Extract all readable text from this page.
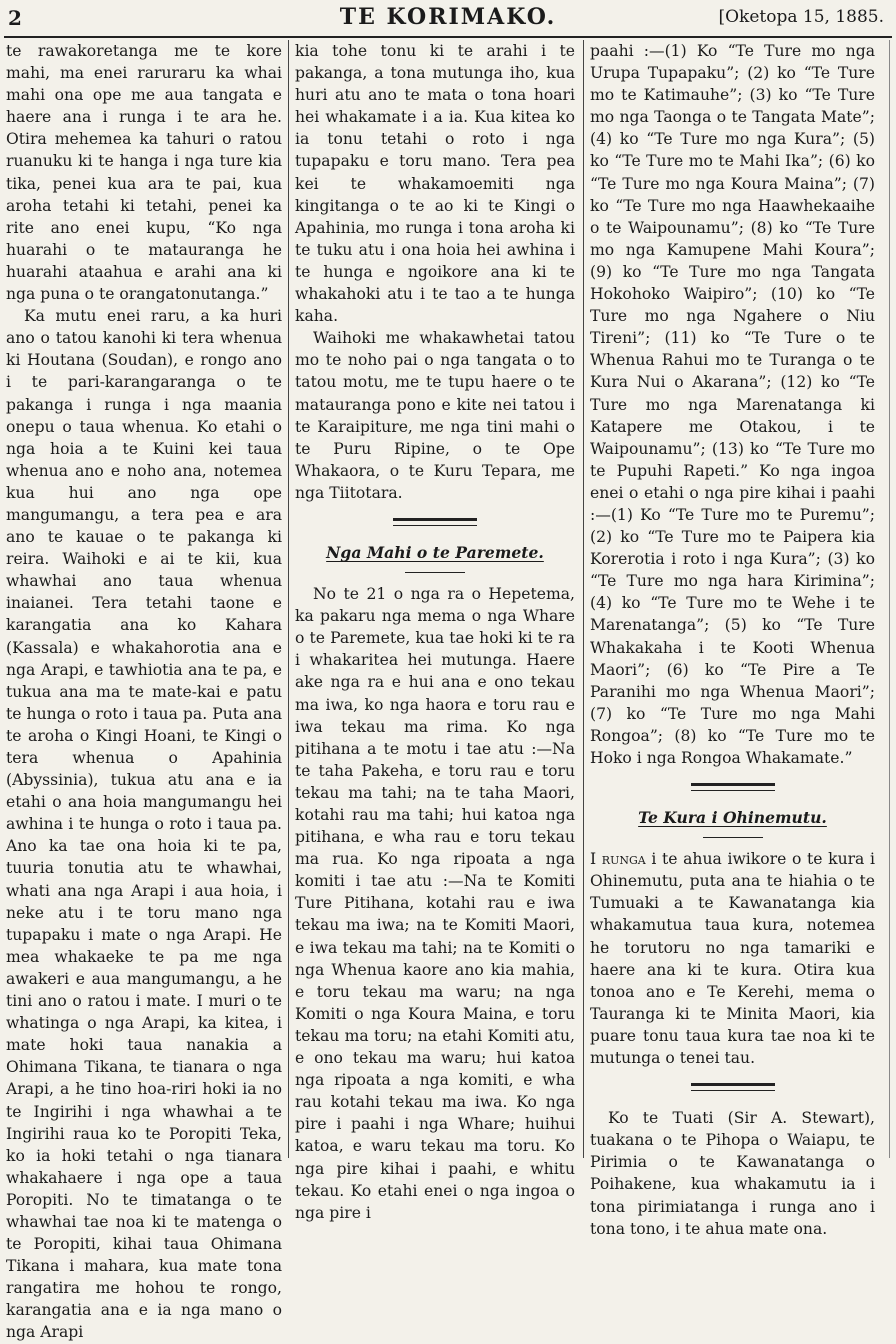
2	TE KORIMAKO.	[Oketopa 15, 1885.

te rawakoretanga me te kore mahi, ma enei raruraru ka whai mahi ona ope me aua tangata e haere ana i runga i te ara he. Otira mehemea ka tahuri o ratou ruanuku ki te hanga i nga ture kia tika, penei kua ara te pai, kua aroha tetahi ki tetahi, penei ka rite ano enei kupu, “Ko nga huarahi o te matauranga he huarahi ataahua e arahi ana ki nga puna o te orangatonutanga.”

Ka mutu enei raru, a ka huri ano o tatou kanohi ki tera whenua ki Houtana (Soudan), e rongo ano i te pari-karangaranga o te pakanga i runga i nga maania onepu o taua whenua. Ko etahi o nga hoia a te Kuini kei taua whenua ano e noho ana, notemea kua hui ano nga ope mangumangu, a tera pea e ara ano te kauae o te pakanga ki reira. Waihoki e ai te kii, kua whawhai ano taua whenua inaianei. Tera tetahi taone e karangatia ana ko Kahara (Kassala) e whakahorotia ana e nga Arapi, e tawhiotia ana te pa, e tukua ana ma te mate-kai e patu te hunga o roto i taua pa. Puta ana te aroha o Kingi Hoani, te Kingi o tera whenua o Apahinia (Abyssinia), tukua atu ana e ia etahi o ana hoia mangumangu hei awhina i te hunga o roto i taua pa. Ano ka tae ona hoia ki te pa, tuuria tonutia atu te whawhai, whati ana nga Arapi i aua hoia, i neke atu i te toru mano nga tupapaku i mate o nga Arapi. He mea whakaeke te pa me nga awakeri e aua mangumangu, a he tini ano o ratou i mate. I muri o te whatinga o nga Arapi, ka kitea, i mate hoki taua nanakia a Ohimana Tikana, te tianara o nga Arapi, a he tino hoa-riri hoki ia no te Ingirihi i nga whawhai a te Ingirihi raua ko te Poropiti Teka, ko ia hoki tetahi o nga tianara whakahaere i nga ope a taua Poropiti. No te timatanga o te whawhai tae noa ki te matenga o te Poropiti, kihai taua Ohimana Tikana i mahara, kua mate tona rangatira me hohou te rongo, karangatia ana e ia nga mano o nga Arapi

kia tohe tonu ki te arahi i te pakanga, a tona mutunga iho, kua huri atu ano te mata o tona hoari hei whakamate i a ia. Kua kitea ko ia tonu tetahi o roto i nga tupapaku e toru mano. Tera pea kei te whakamoemiti nga kingitanga o te ao ki te Kingi o Apahinia, mo runga i tona aroha ki te tuku atu i ona hoia hei awhina i te hunga e ngoikore ana ki te whakahoki atu i te tao a te hunga kaha.

Waihoki me whakawhetai tatou mo te noho pai o nga tangata o to tatou motu, me te tupu haere o te matauranga pono e kite nei tatou i te Karaipiture, me nga tini mahi o te Puru Ripine, o te Ope Whakaora, o te Kuru Tepara, me nga Tiitotara.

Nga Mahi o te Paremete.

No te 21 o nga ra o Hepetema, ka pakaru nga mema o nga Whare o te Paremete, kua tae hoki ki te ra i whakaritea hei mutunga. Haere ake nga ra e hui ana e ono tekau ma iwa, ko nga haora e toru rau e iwa tekau ma rima. Ko nga pitihana a te motu i tae atu :—Na te taha Pakeha, e toru rau e toru tekau ma tahi; na te taha Maori, kotahi rau ma tahi; hui katoa nga pitihana, e wha rau e toru tekau ma rua. Ko nga ripoata a nga komiti i tae atu :—Na te Komiti Ture Pitihana, kotahi rau e iwa tekau ma iwa; na te Komiti Maori, e iwa tekau ma tahi; na te Komiti o nga Whenua kaore ano kia mahia, e toru tekau ma waru; na nga Komiti o nga Koura Maina, e toru tekau ma toru; na etahi Komiti atu, e ono tekau ma waru; hui katoa nga ripoata a nga komiti, e wha rau kotahi tekau ma iwa. Ko nga pire i paahi i nga Whare; huihui katoa, e waru tekau ma toru. Ko nga pire kihai i paahi, e whitu tekau. Ko etahi enei o nga ingoa o nga pire i

paahi :—(1) Ko “Te Ture mo nga Urupa Tupapaku”; (2) ko “Te Ture mo te Katimauhe”; (3) ko “Te Ture mo nga Taonga o te Tangata Mate”; (4) ko “Te Ture mo nga Kura”; (5) ko “Te Ture mo te Mahi Ika”; (6) ko “Te Ture mo nga Koura Maina”; (7) ko “Te Ture mo nga Haawhekaaihe o te Waipounamu”; (8) ko “Te Ture mo nga Kamupene Mahi Koura”; (9) ko “Te Ture mo nga Tangata Hokohoko Waipiro”; (10) ko “Te Ture mo nga Ngahere o Niu Tireni”; (11) ko “Te Ture o te Whenua Rahui mo te Turanga o te Kura Nui o Akarana”; (12) ko “Te Ture mo nga Marenatanga ki Katapere me Otakou, i te Waipounamu”; (13) ko “Te Ture mo te Pupuhi Rapeti.” Ko nga ingoa enei o etahi o nga pire kihai i paahi :—(1) Ko “Te Ture mo te Puremu”; (2) ko “Te Ture mo te Paipera kia Korerotia i roto i nga Kura”; (3) ko “Te Ture mo nga hara Kirimina”; (4) ko “Te Ture mo te Wehe i te Marenatanga”; (5) ko “Te Ture Whakakaha i te Kooti Whenua Maori”; (6) ko “Te Pire a Te Paranihi mo nga Whenua Maori”; (7) ko “Te Ture mo nga Mahi Rongoa”; (8) ko “Te Ture mo te Hoko i nga Rongoa Whakamate.”

Te Kura i Ohinemutu.

I runga i te ahua iwikore o te kura i Ohinemutu, puta ana te hiahia o te Tumuaki a te Kawanatanga kia whakamutua taua kura, notemea he torutoru no nga tamariki e haere ana ki te kura. Otira kua tonoa ano e Te Kerehi, mema o Tauranga ki te Minita Maori, kia puare tonu taua kura tae noa ki te mutunga o tenei tau.

Ko te Tuati (Sir A. Stewart), tuakana o te Pihopa o Waiapu, te Pirimia o te Kawanatanga o Poihakene, kua whakamutu ia i tona pirimiatanga i runga ano i tona tono, i te ahua mate ona.
